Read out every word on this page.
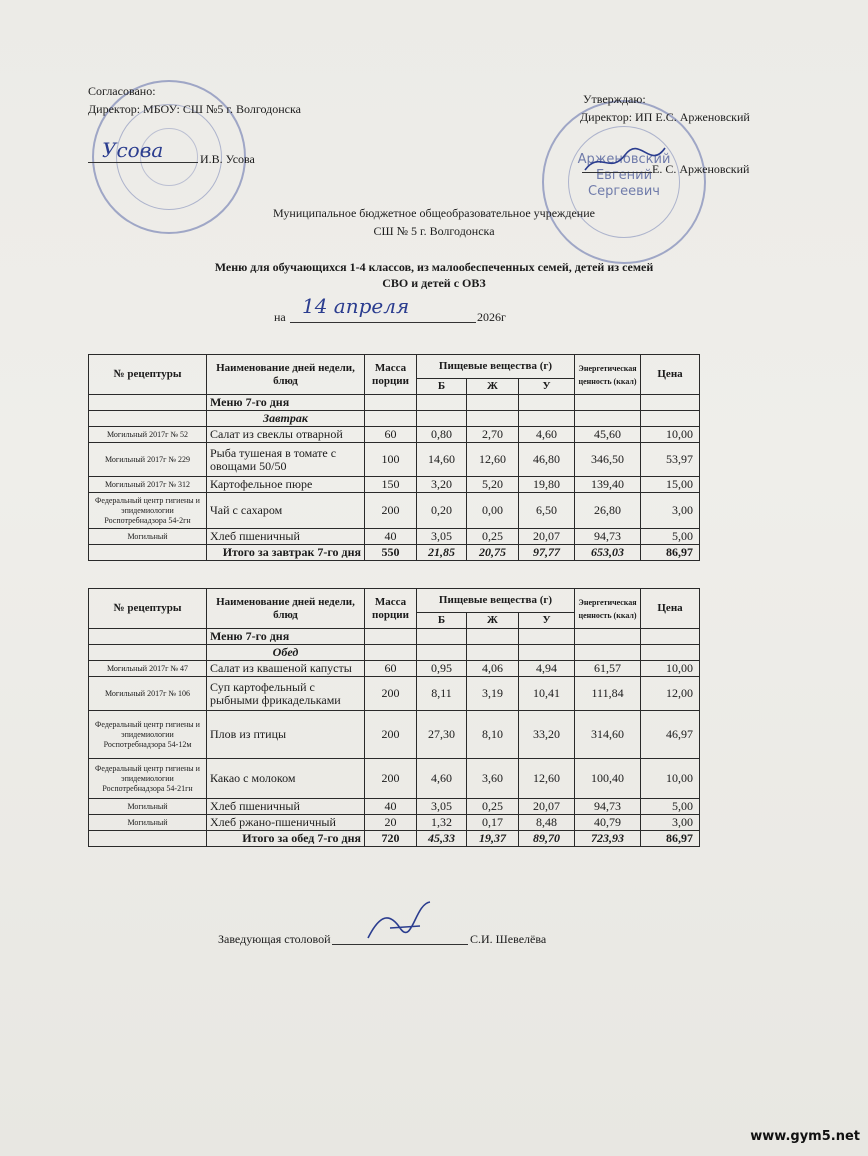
Арженовский
Евгений
Сергеевич
Согласовано:
Директор: МБОУ: СШ №5 г. Волгодонска
Усова	И.В. Усова
Утверждаю:
Директор: ИП Е.С. Арженовский
Е. С. Арженовский
Муниципальное бюджетное общеобразовательное учреждение
СШ № 5 г. Волгодонска
Меню для обучающихся 1-4 классов, из малообеспеченных семей, детей из семей
СВО и детей с ОВЗ
на 14 апреля	2026г
№ рецептуры	Наименование дней недели, блюд	Масса порции	Пищевые вещества (г)			Энергетическая ценность (ккал)	Цена
			Б	Ж	У		
	Меню 7-го дня						
	Завтрак						
Могильный 2017г № 52	Салат из свеклы отварной	60	0,80	2,70	4,60	45,60	10,00
Могильный 2017г № 229	Рыба тушеная в томате с овощами 50/50	100	14,60	12,60	46,80	346,50	53,97
Могильный 2017г № 312	Картофельное пюре	150	3,20	5,20	19,80	139,40	15,00
Федеральный центр гигиены и эпидемиологии Роспотребнадзора 54-2гн	Чай с сахаром	200	0,20	0,00	6,50	26,80	3,00
Могильный	Хлеб пшеничный	40	3,05	0,25	20,07	94,73	5,00
	Итого за завтрак 7-го дня	550	21,85	20,75	97,77	653,03	86,97
№ рецептуры	Наименование дней недели, блюд	Масса порции	Пищевые вещества (г)			Энергетическая ценность (ккал)	Цена
			Б	Ж	У		
	Меню 7-го дня						
	Обед						
Могильный 2017г № 47	Салат из квашеной капусты	60	0,95	4,06	4,94	61,57	10,00
Могильный 2017г № 106	Суп картофельный с рыбными фрикадельками	200	8,11	3,19	10,41	111,84	12,00
Федеральный центр гигиены и эпидемиологии Роспотребнадзора 54-12м	Плов из птицы	200	27,30	8,10	33,20	314,60	46,97
Федеральный центр гигиены и эпидемиологии Роспотребнадзора 54-21гн	Какао с молоком	200	4,60	3,60	12,60	100,40	10,00
Могильный	Хлеб пшеничный	40	3,05	0,25	20,07	94,73	5,00
Могильный	Хлеб ржано-пшеничный	20	1,32	0,17	8,48	40,79	3,00
	Итого за обед 7-го дня	720	45,33	19,37	89,70	723,93	86,97
Заведующая столовой	С.И. Шевелёва
www.gym5.net
